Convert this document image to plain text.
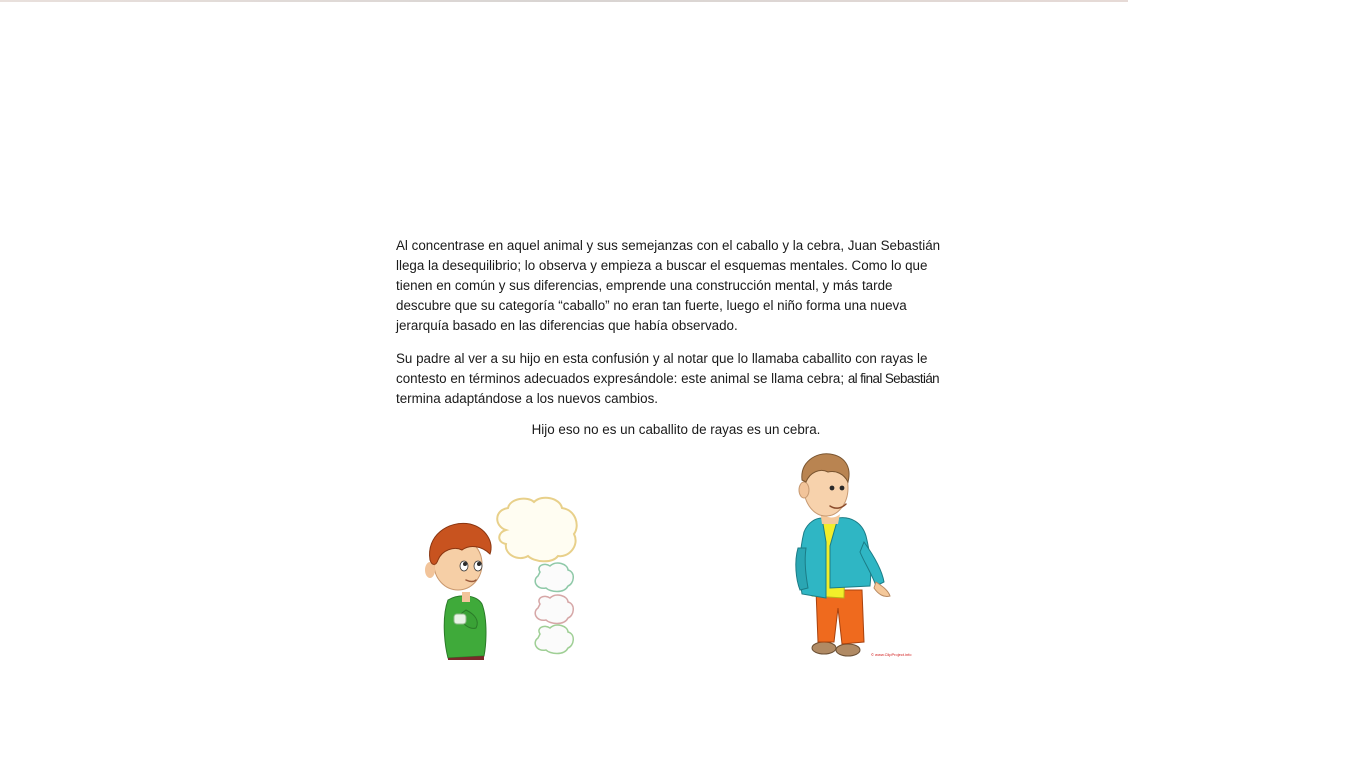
Al concentrase en aquel animal y sus semejanzas con el caballo y la cebra, Juan Sebastián
llega la desequilibrio; lo observa y empieza a buscar el esquemas mentales. Como lo que
tienen en común y sus diferencias, emprende una construcción mental, y más tarde
descubre que su categoría “caballo” no eran tan fuerte, luego el niño forma una nueva
jerarquía basado en las diferencias que había observado.

Su padre al ver a su hijo en esta confusión y al notar que lo llamaba caballito con rayas le
contesto en términos adecuados expresándole: este animal se llama cebra; al final Sebastián
termina adaptándose a los nuevos cambios.

Hijo eso no es un caballito de rayas es un cebra.
© www.ClipProject.info
